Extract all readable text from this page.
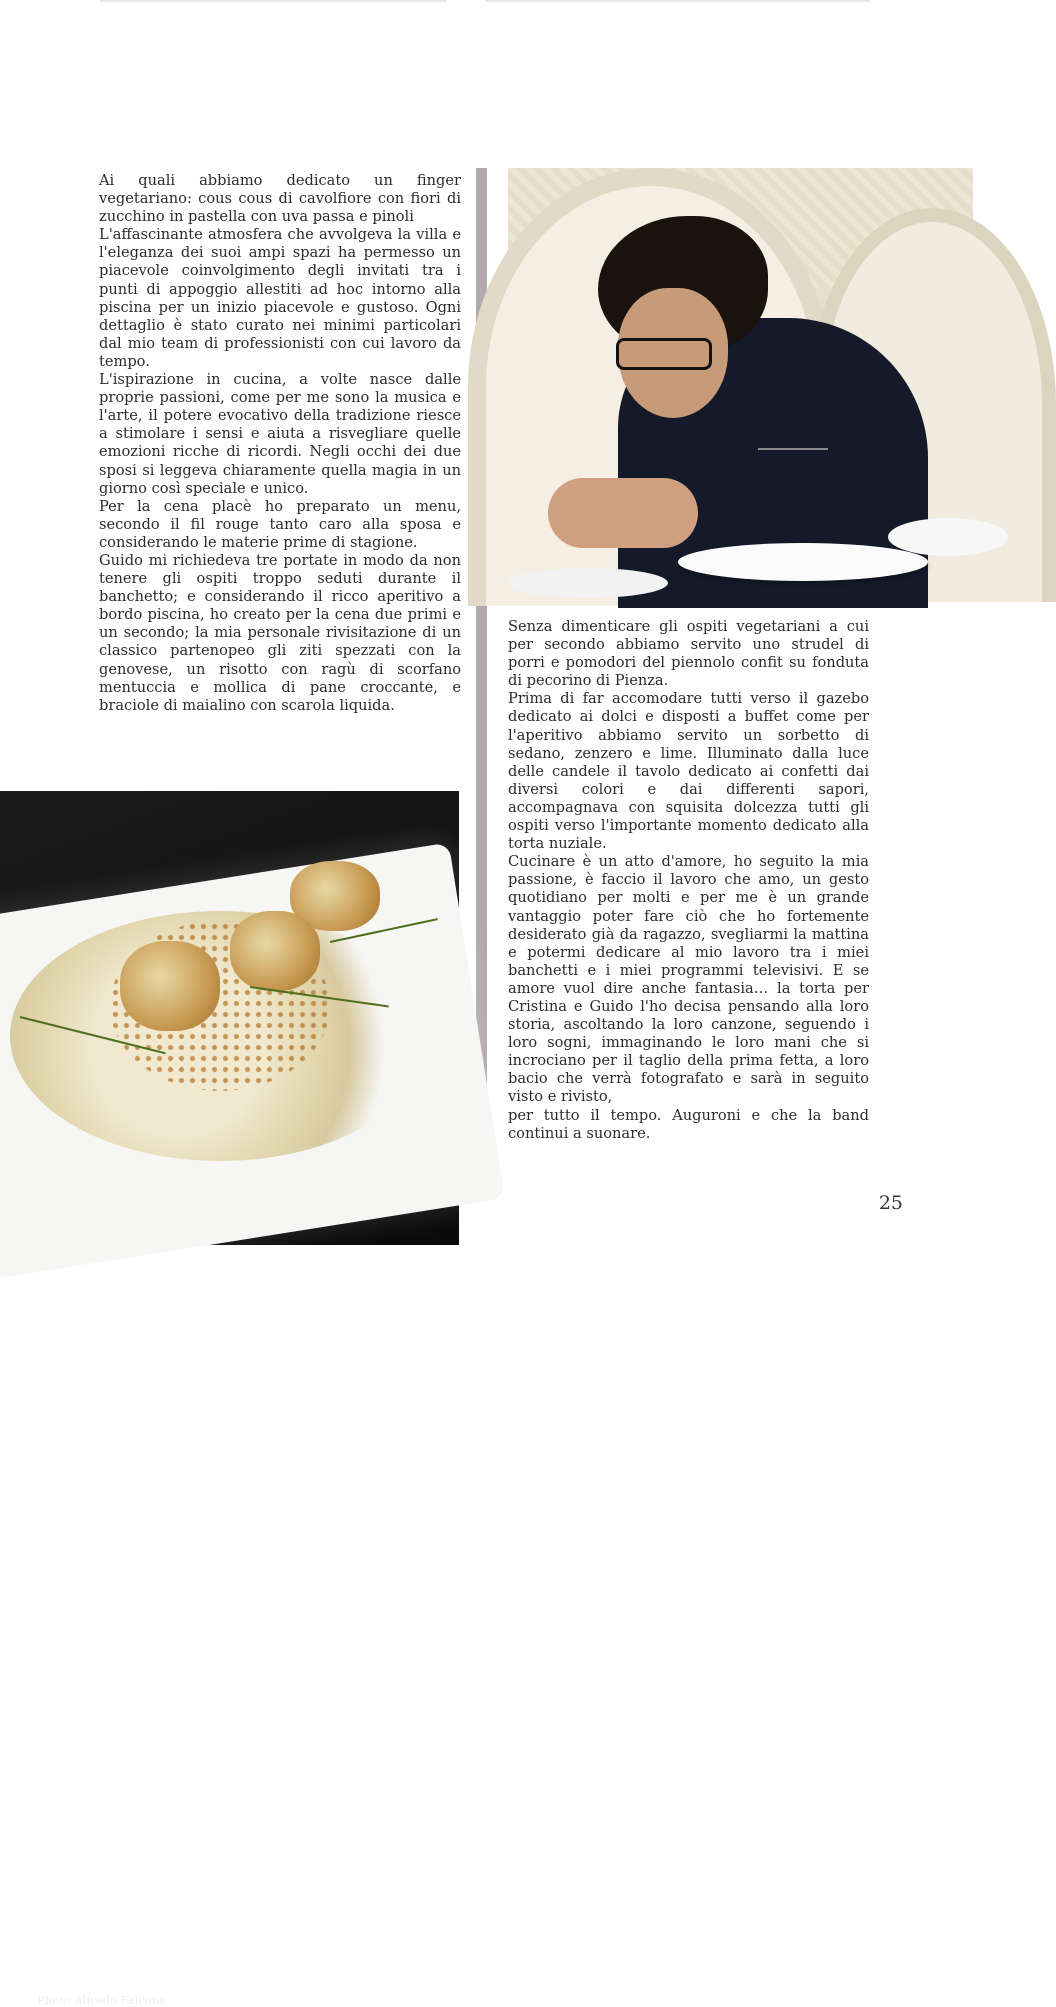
Ai quali abbiamo dedicato un finger vegetariano: cous cous di cavolfiore con fiori di zucchino in pastella con uva passa e pinoli

L'affascinante atmosfera che avvolgeva la villa e l'eleganza dei suoi ampi spazi ha permesso un piacevole coinvolgimento degli invitati tra i punti di appoggio allestiti ad hoc intorno alla piscina per un inizio piacevole e gustoso. Ogni dettaglio è stato curato nei minimi particolari dal mio team di professionisti con cui lavoro da tempo.

L'ispirazione in cucina, a volte nasce dalle proprie passioni, come per me sono la musica e l'arte, il potere evocativo della tradizione riesce a stimolare i sensi e aiuta a risvegliare quelle emozioni ricche di ricordi. Negli occhi dei due sposi si leggeva chiaramente quella magia in un giorno così speciale e unico.

Per la cena placè ho preparato un menu, secondo il fil rouge tanto caro alla sposa e considerando le materie prime di stagione.

Guido mi richiedeva tre portate in modo da non tenere gli ospiti troppo seduti durante il banchetto; e considerando il ricco aperitivo a bordo piscina, ho creato per la cena due primi e un secondo; la mia personale rivisitazione di un classico partenopeo gli ziti spezzati con la genovese, un risotto con ragù di scorfano mentuccia e mollica di pane croccante, e braciole di maialino con scarola liquida.

Senza dimenticare gli ospiti vegetariani a cui per secondo abbiamo servito uno strudel di porri e pomodori del piennolo confit su fonduta di pecorino di Pienza.

Prima di far accomodare tutti verso il gazebo dedicato ai dolci e disposti a buffet come per l'aperitivo abbiamo servito un sorbetto di sedano, zenzero e lime. Illuminato dalla luce delle candele il tavolo dedicato ai confetti dai diversi colori e dai differenti sapori, accompagnava con squisita dolcezza tutti gli ospiti verso l'importante momento dedicato alla torta nuziale.

Cucinare è un atto d'amore, ho seguito la mia passione, è faccio il lavoro che amo, un gesto quotidiano per molti e per me è un grande vantaggio poter fare ciò che ho fortemente desiderato già da ragazzo, svegliarmi la mattina e potermi dedicare al mio lavoro tra i miei banchetti e i miei programmi televisivi. E se amore vuol dire anche fantasia… la torta per Cristina e Guido l'ho decisa pensando alla loro storia, ascoltando la loro canzone, seguendo i loro sogni, immaginando le loro mani che si incrociano per il taglio della prima fetta, a loro bacio che verrà fotografato e sarà in seguito visto e rivisto,

per tutto il tempo. Auguroni e che la band continui a suonare.

Photo Alfredo Falcone
25
